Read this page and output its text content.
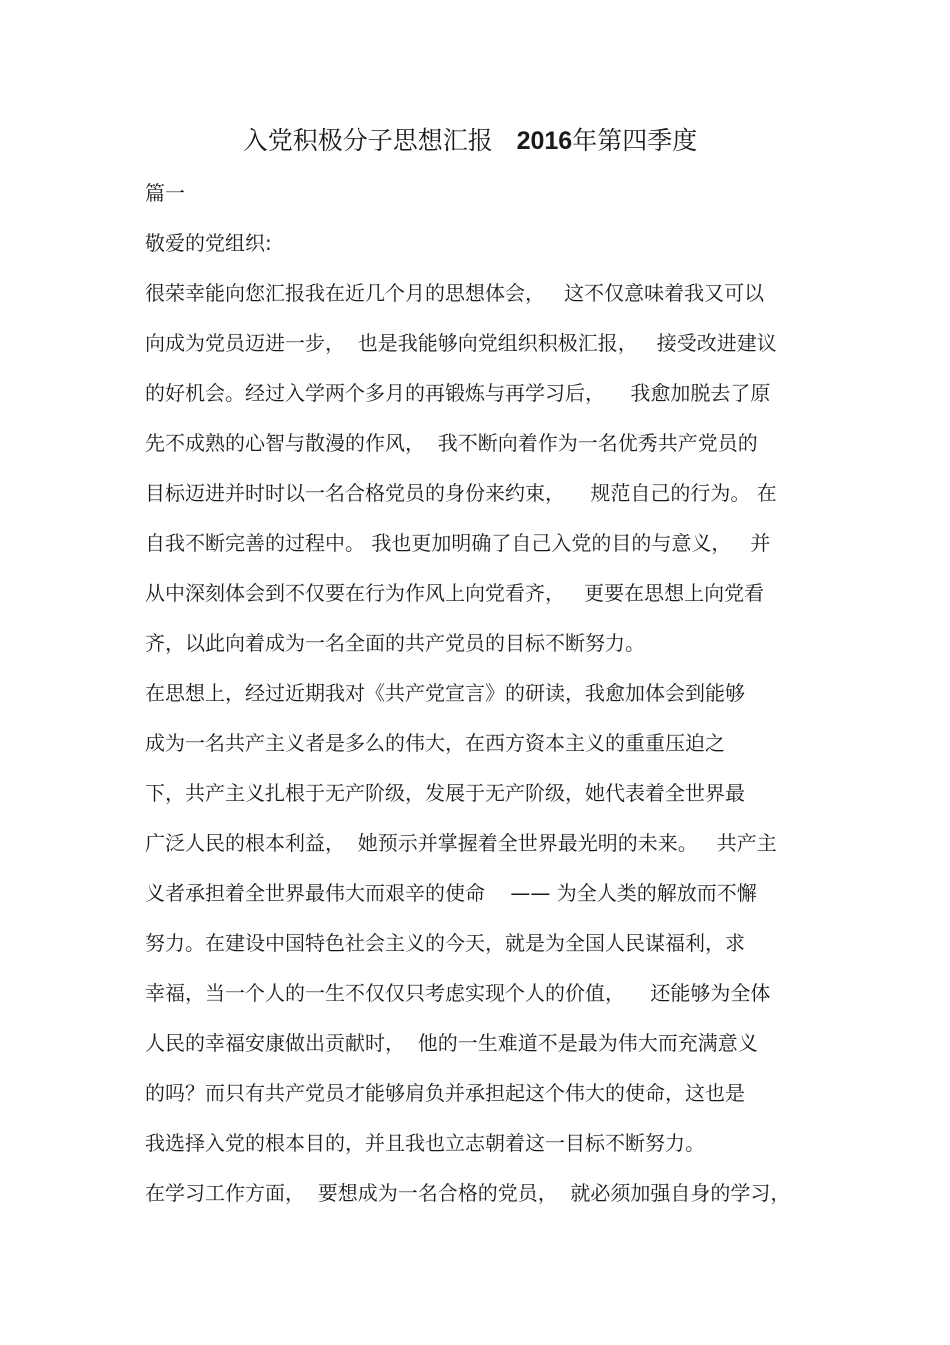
入党积极分子思想汇报   2016年第四季度
篇一
敬爱的党组织:
很荣幸能向您汇报我在近几个月的思想体会，   这不仅意味着我又可以
向成为党员迈进一步，  也是我能够向党组织积极汇报，   接受改进建议
的好机会。经过入学两个多月的再锻炼与再学习后，    我愈加脱去了原
先不成熟的心智与散漫的作风，  我不断向着作为一名优秀共产党员的
目标迈进并时时以一名合格党员的身份来约束，    规范自己的行为。 在
自我不断完善的过程中。 我也更加明确了自己入党的目的与意义，   并
从中深刻体会到不仅要在行为作风上向党看齐，   更要在思想上向党看
齐，以此向着成为一名全面的共产党员的目标不断努力。
在思想上，经过近期我对《共产党宣言》的研读，我愈加体会到能够
成为一名共产主义者是多么的伟大，在西方资本主义的重重压迫之
下，共产主义扎根于无产阶级，发展于无产阶级，她代表着全世界最
广泛人民的根本利益，  她预示并掌握着全世界最光明的未来。   共产主
义者承担着全世界最伟大而艰辛的使命    —— 为全人类的解放而不懈
努力。在建设中国特色社会主义的今天，就是为全国人民谋福利，求
幸福，当一个人的一生不仅仅只考虑实现个人的价值，    还能够为全体
人民的幸福安康做出贡献时，  他的一生难道不是最为伟大而充满意义
的吗？而只有共产党员才能够肩负并承担起这个伟大的使命，这也是
我选择入党的根本目的，并且我也立志朝着这一目标不断努力。
在学习工作方面，  要想成为一名合格的党员，  就必须加强自身的学习，
